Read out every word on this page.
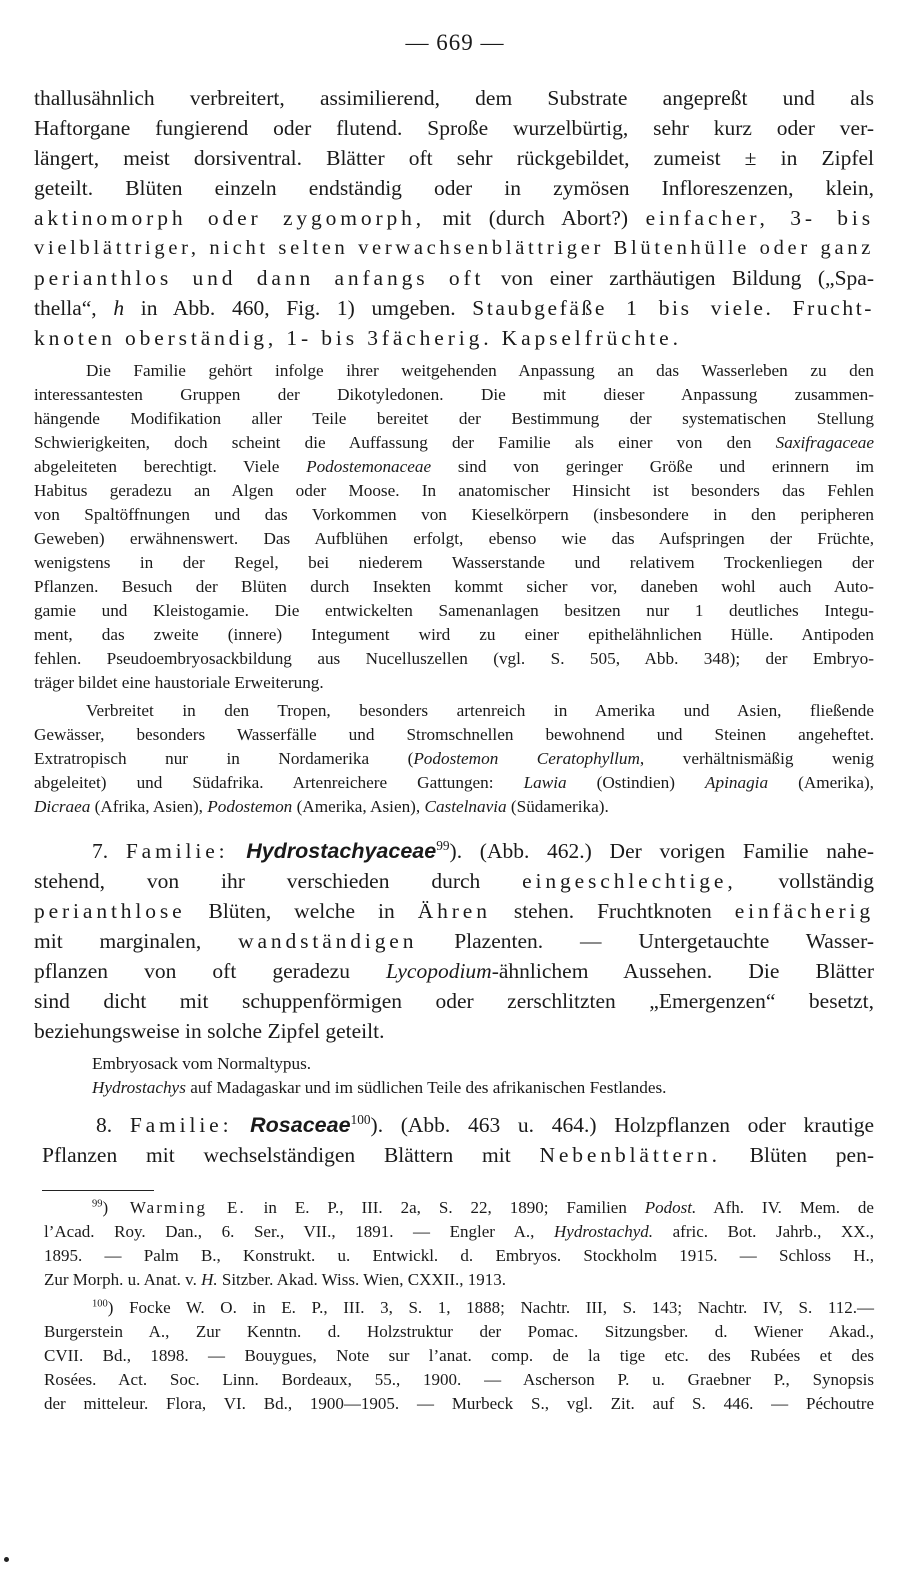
— 669 —
thallusähnlich verbreitert, assimilierend, dem Substrate angepreßt und als
Haftorgane fungierend oder flutend. Sproße wurzelbürtig, sehr kurz oder ver-
längert, meist dorsiventral. Blätter oft sehr rückgebildet, zumeist ± in Zipfel
geteilt. Blüten einzeln endständig oder in zymösen Infloreszenzen, klein,
aktinomorph oder zygomorph, mit (durch Abort?) einfacher, 3- bis
vielblättriger, nicht selten verwachsenblättriger Blütenhülle oder ganz
perianthlos und dann anfangs oft von einer zarthäutigen Bildung („Spa-
thella“, h in Abb. 460, Fig. 1) umgeben. Staubgefäße 1 bis viele. Frucht-
knoten oberständig, 1- bis 3fächerig. Kapselfrüchte.
Die Familie gehört infolge ihrer weitgehenden Anpassung an das Wasserleben zu den
interessantesten Gruppen der Dikotyledonen. Die mit dieser Anpassung zusammen-
hängende Modifikation aller Teile bereitet der Bestimmung der systematischen Stellung
Schwierigkeiten, doch scheint die Auffassung der Familie als einer von den Saxifragaceae
abgeleiteten berechtigt. Viele Podostemonaceae sind von geringer Größe und erinnern im
Habitus geradezu an Algen oder Moose. In anatomischer Hinsicht ist besonders das Fehlen
von Spaltöffnungen und das Vorkommen von Kieselkörpern (insbesondere in den peripheren
Geweben) erwähnenswert. Das Aufblühen erfolgt, ebenso wie das Aufspringen der Früchte,
wenigstens in der Regel, bei niederem Wasserstande und relativem Trockenliegen der
Pflanzen. Besuch der Blüten durch Insekten kommt sicher vor, daneben wohl auch Auto-
gamie und Kleistogamie. Die entwickelten Samenanlagen besitzen nur 1 deutliches Integu-
ment, das zweite (innere) Integument wird zu einer epithelähnlichen Hülle. Antipoden
fehlen. Pseudoembryosackbildung aus Nucelluszellen (vgl. S. 505, Abb. 348); der Embryo-
träger bildet eine haustoriale Erweiterung.
Verbreitet in den Tropen, besonders artenreich in Amerika und Asien, fließende
Gewässer, besonders Wasserfälle und Stromschnellen bewohnend und Steinen angeheftet.
Extratropisch nur in Nordamerika (Podostemon Ceratophyllum, verhältnismäßig wenig
abgeleitet) und Südafrika. Artenreichere Gattungen: Lawia (Ostindien) Apinagia (Amerika),
Dicraea (Afrika, Asien), Podostemon (Amerika, Asien), Castelnavia (Südamerika).
7. Familie: Hydrostachyaceae$^{99}$). (Abb. 462.) Der vorigen Familie nahe-
stehend, von ihr verschieden durch eingeschlechtige, vollständig
perianthlose Blüten, welche in Ähren stehen. Fruchtknoten einfächerig
mit marginalen, wandständigen Plazenten. — Untergetauchte Wasser-
pflanzen von oft geradezu Lycopodium-ähnlichem Aussehen. Die Blätter
sind dicht mit schuppenförmigen oder zerschlitzten „Emergenzen“ besetzt,
beziehungsweise in solche Zipfel geteilt.
Embryosack vom Normaltypus.
Hydrostachys auf Madagaskar und im südlichen Teile des afrikanischen Festlandes.
8. Familie: Rosaceae$^{100}$). (Abb. 463 u. 464.) Holzpflanzen oder krautige
Pflanzen mit wechselständigen Blättern mit Nebenblättern. Blüten pen-
$^{99}$) Warming E. in E. P., III. 2a, S. 22, 1890; Familien Podost. Afh. IV. Mem. de
l’Acad. Roy. Dan., 6. Ser., VII., 1891. — Engler A., Hydrostachyd. afric. Bot. Jahrb., XX.,
1895. — Palm B., Konstrukt. u. Entwickl. d. Embryos. Stockholm 1915. — Schloss H.,
Zur Morph. u. Anat. v. H. Sitzber. Akad. Wiss. Wien, CXXII., 1913.
$^{100}$) Focke W. O. in E. P., III. 3, S. 1, 1888; Nachtr. III, S. 143; Nachtr. IV, S. 112.—
Burgerstein A., Zur Kenntn. d. Holzstruktur der Pomac. Sitzungsber. d. Wiener Akad.,
CVII. Bd., 1898. — Bouygues, Note sur l’anat. comp. de la tige etc. des Rubées et des
Rosées. Act. Soc. Linn. Bordeaux, 55., 1900. — Ascherson P. u. Graebner P., Synopsis
der mitteleur. Flora, VI. Bd., 1900—1905. — Murbeck S., vgl. Zit. auf S. 446. — Péchoutre
